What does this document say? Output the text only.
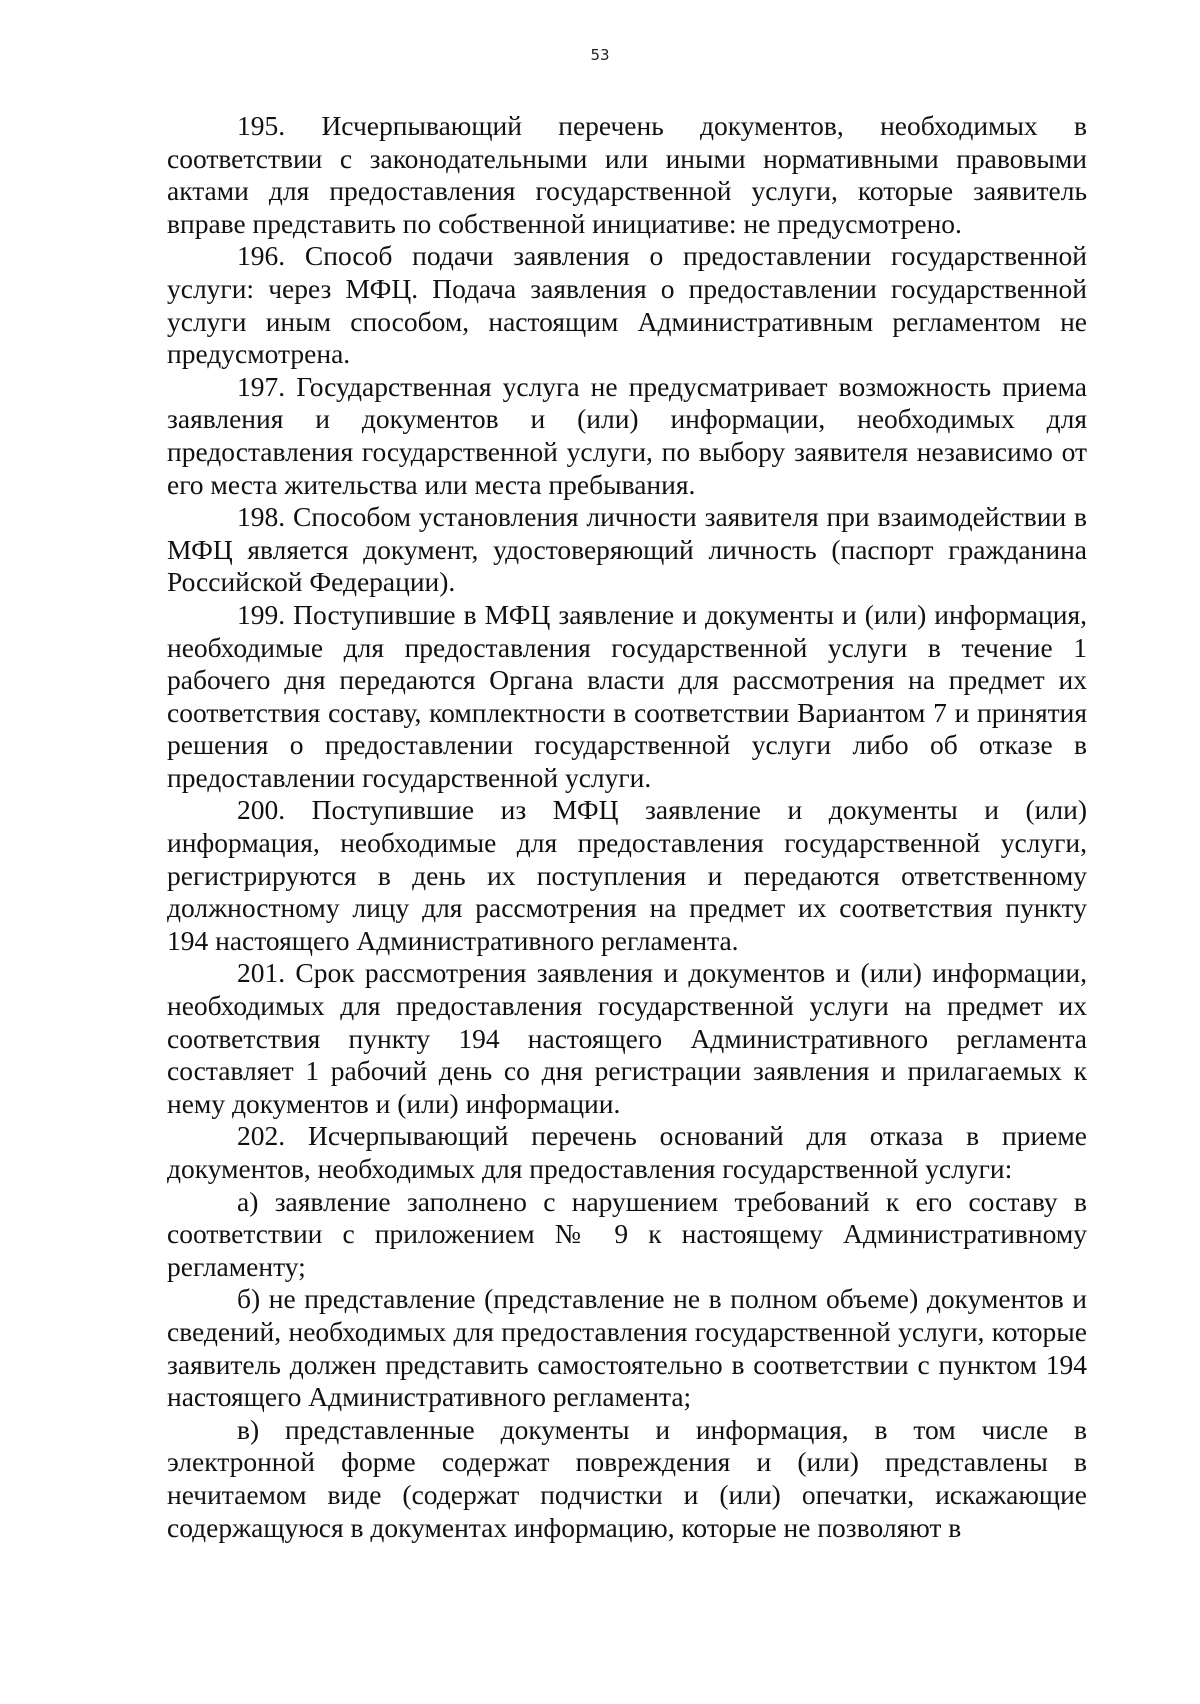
53

195. Исчерпывающий перечень документов, необходимых в соответствии с законодательными или иными нормативными правовыми актами для предоставления государственной услуги, которые заявитель вправе представить по собственной инициативе: не предусмотрено.

196. Способ подачи заявления о предоставлении государственной услуги: через МФЦ. Подача заявления о предоставлении государственной услуги иным способом, настоящим Административным регламентом не предусмотрена.

197. Государственная услуга не предусматривает возможность приема заявления и документов и (или) информации, необходимых для предоставления государственной услуги, по выбору заявителя независимо от его места жительства или места пребывания.

198. Способом установления личности заявителя при взаимодействии в МФЦ является документ, удостоверяющий личность (паспорт гражданина Российской Федерации).

199. Поступившие в МФЦ заявление и документы и (или) информация, необходимые для предоставления государственной услуги в течение 1 рабочего дня передаются Органа власти для рассмотрения на предмет их соответствия составу, комплектности в соответствии Вариантом 7 и принятия решения о предоставлении государственной услуги либо об отказе в предоставлении государственной услуги.

200. Поступившие из МФЦ заявление и документы и (или) информация, необходимые для предоставления государственной услуги, регистрируются в день их поступления и передаются ответственному должностному лицу для рассмотрения на предмет их соответствия пункту 194 настоящего Административного регламента.

201. Срок рассмотрения заявления и документов и (или) информации, необходимых для предоставления государственной услуги на предмет их соответствия пункту 194 настоящего Административного регламента составляет 1 рабочий день со дня регистрации заявления и прилагаемых к нему документов и (или) информации.

202. Исчерпывающий перечень оснований для отказа в приеме документов, необходимых для предоставления государственной услуги:

а) заявление заполнено с нарушением требований к его составу в соответствии с приложением № 9 к настоящему Административному регламенту;

б) не представление (представление не в полном объеме) документов и сведений, необходимых для предоставления государственной услуги, которые заявитель должен представить самостоятельно в соответствии с пунктом 194 настоящего Административного регламента;

в) представленные документы и информация, в том числе в электронной форме содержат повреждения и (или) представлены в нечитаемом виде (содержат подчистки и (или) опечатки, искажающие содержащуюся в документах информацию, которые не позволяют в
